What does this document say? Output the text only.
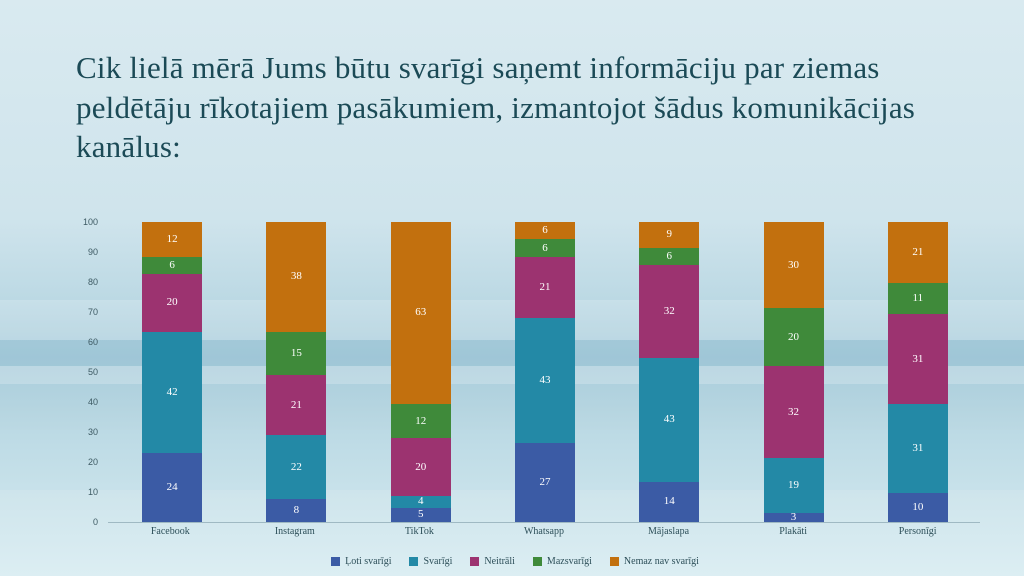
Cik lielā mērā Jums būtu svarīgi saņemt informāciju par ziemas peldētāju rīkotajiem pasākumiem, izmantojot šādus komunikācijas kanālus:
0
10
20
30
40
50
60
70
80
90
100
12
6
20
42
24
38
15
21
22
8
63
12
20
4
5
6
6
21
43
27
9
6
32
43
14
30
20
32
19
3
21
11
31
31
10
Facebook	Instagram	TikTok	Whatsapp	Mājaslapa	Plakāti	Personīgi
Ļoti svarīgi	Svarīgi	Neitrāli	Mazsvarīgi	Nemaz nav svarīgi
